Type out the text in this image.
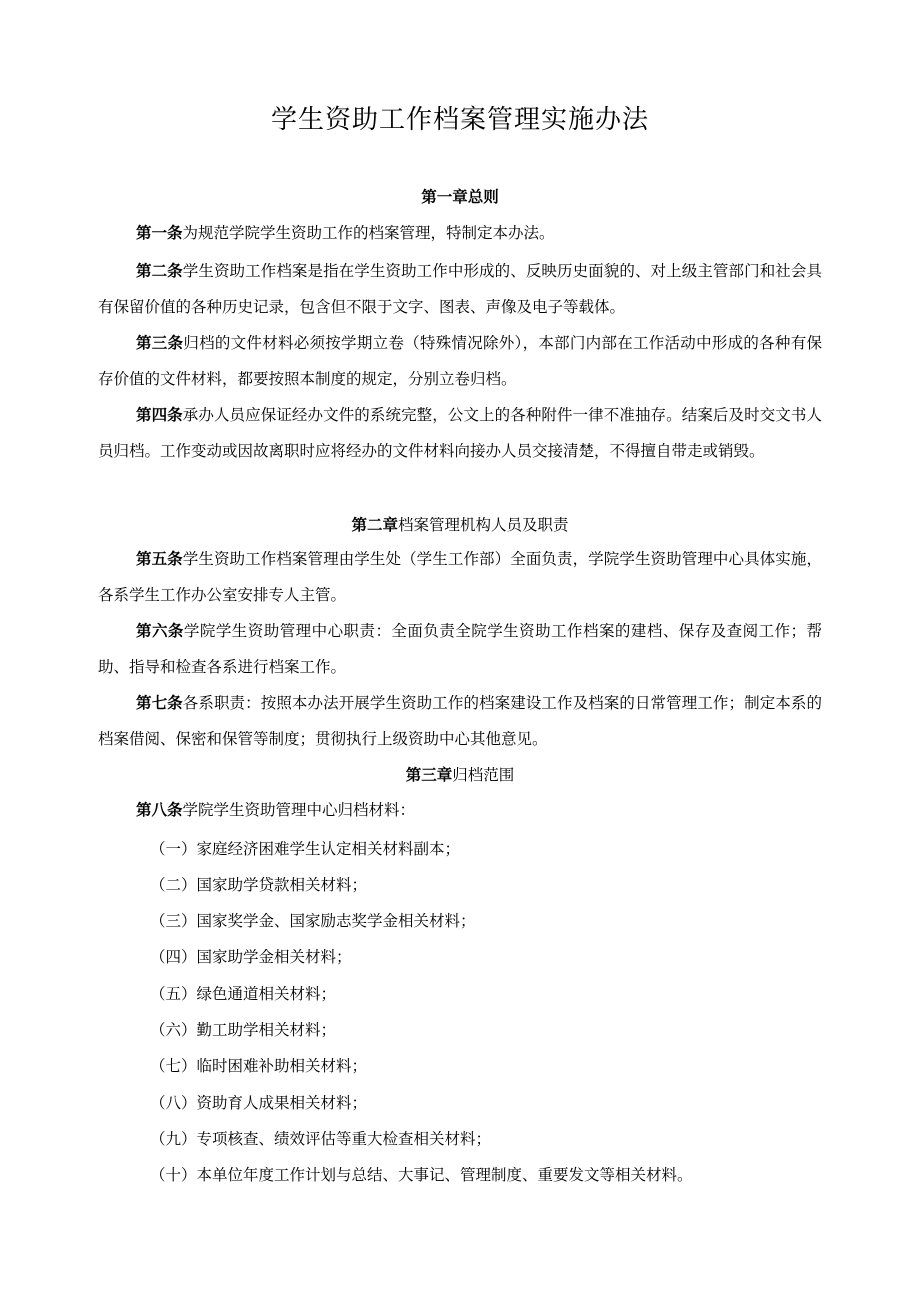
学生资助工作档案管理实施办法
第一章总则

第一条为规范学院学生资助工作的档案管理，特制定本办法。

第二条学生资助工作档案是指在学生资助工作中形成的、反映历史面貌的、对上级主管部门和社会具有保留价值的各种历史记录，包含但不限于文字、图表、声像及电子等载体。

第三条归档的文件材料必须按学期立卷（特殊情况除外），本部门内部在工作活动中形成的各种有保存价值的文件材料，都要按照本制度的规定，分别立卷归档。

第四条承办人员应保证经办文件的系统完整，公文上的各种附件一律不准抽存。结案后及时交文书人员归档。工作变动或因故离职时应将经办的文件材料向接办人员交接清楚，不得擅自带走或销毁。

第二章档案管理机构人员及职责

第五条学生资助工作档案管理由学生处（学生工作部）全面负责，学院学生资助管理中心具体实施，各系学生工作办公室安排专人主管。

第六条学院学生资助管理中心职责：全面负责全院学生资助工作档案的建档、保存及查阅工作；帮助、指导和检查各系进行档案工作。

第七条各系职责：按照本办法开展学生资助工作的档案建设工作及档案的日常管理工作；制定本系的档案借阅、保密和保管等制度；贯彻执行上级资助中心其他意见。

第三章归档范围

第八条学院学生资助管理中心归档材料：

（一）家庭经济困难学生认定相关材料副本；
（二）国家助学贷款相关材料；
（三）国家奖学金、国家励志奖学金相关材料；
（四）国家助学金相关材料；
（五）绿色通道相关材料；
（六）勤工助学相关材料；
（七）临时困难补助相关材料；
（八）资助育人成果相关材料；
（九）专项核查、绩效评估等重大检查相关材料；
（十）本单位年度工作计划与总结、大事记、管理制度、重要发文等相关材料。
